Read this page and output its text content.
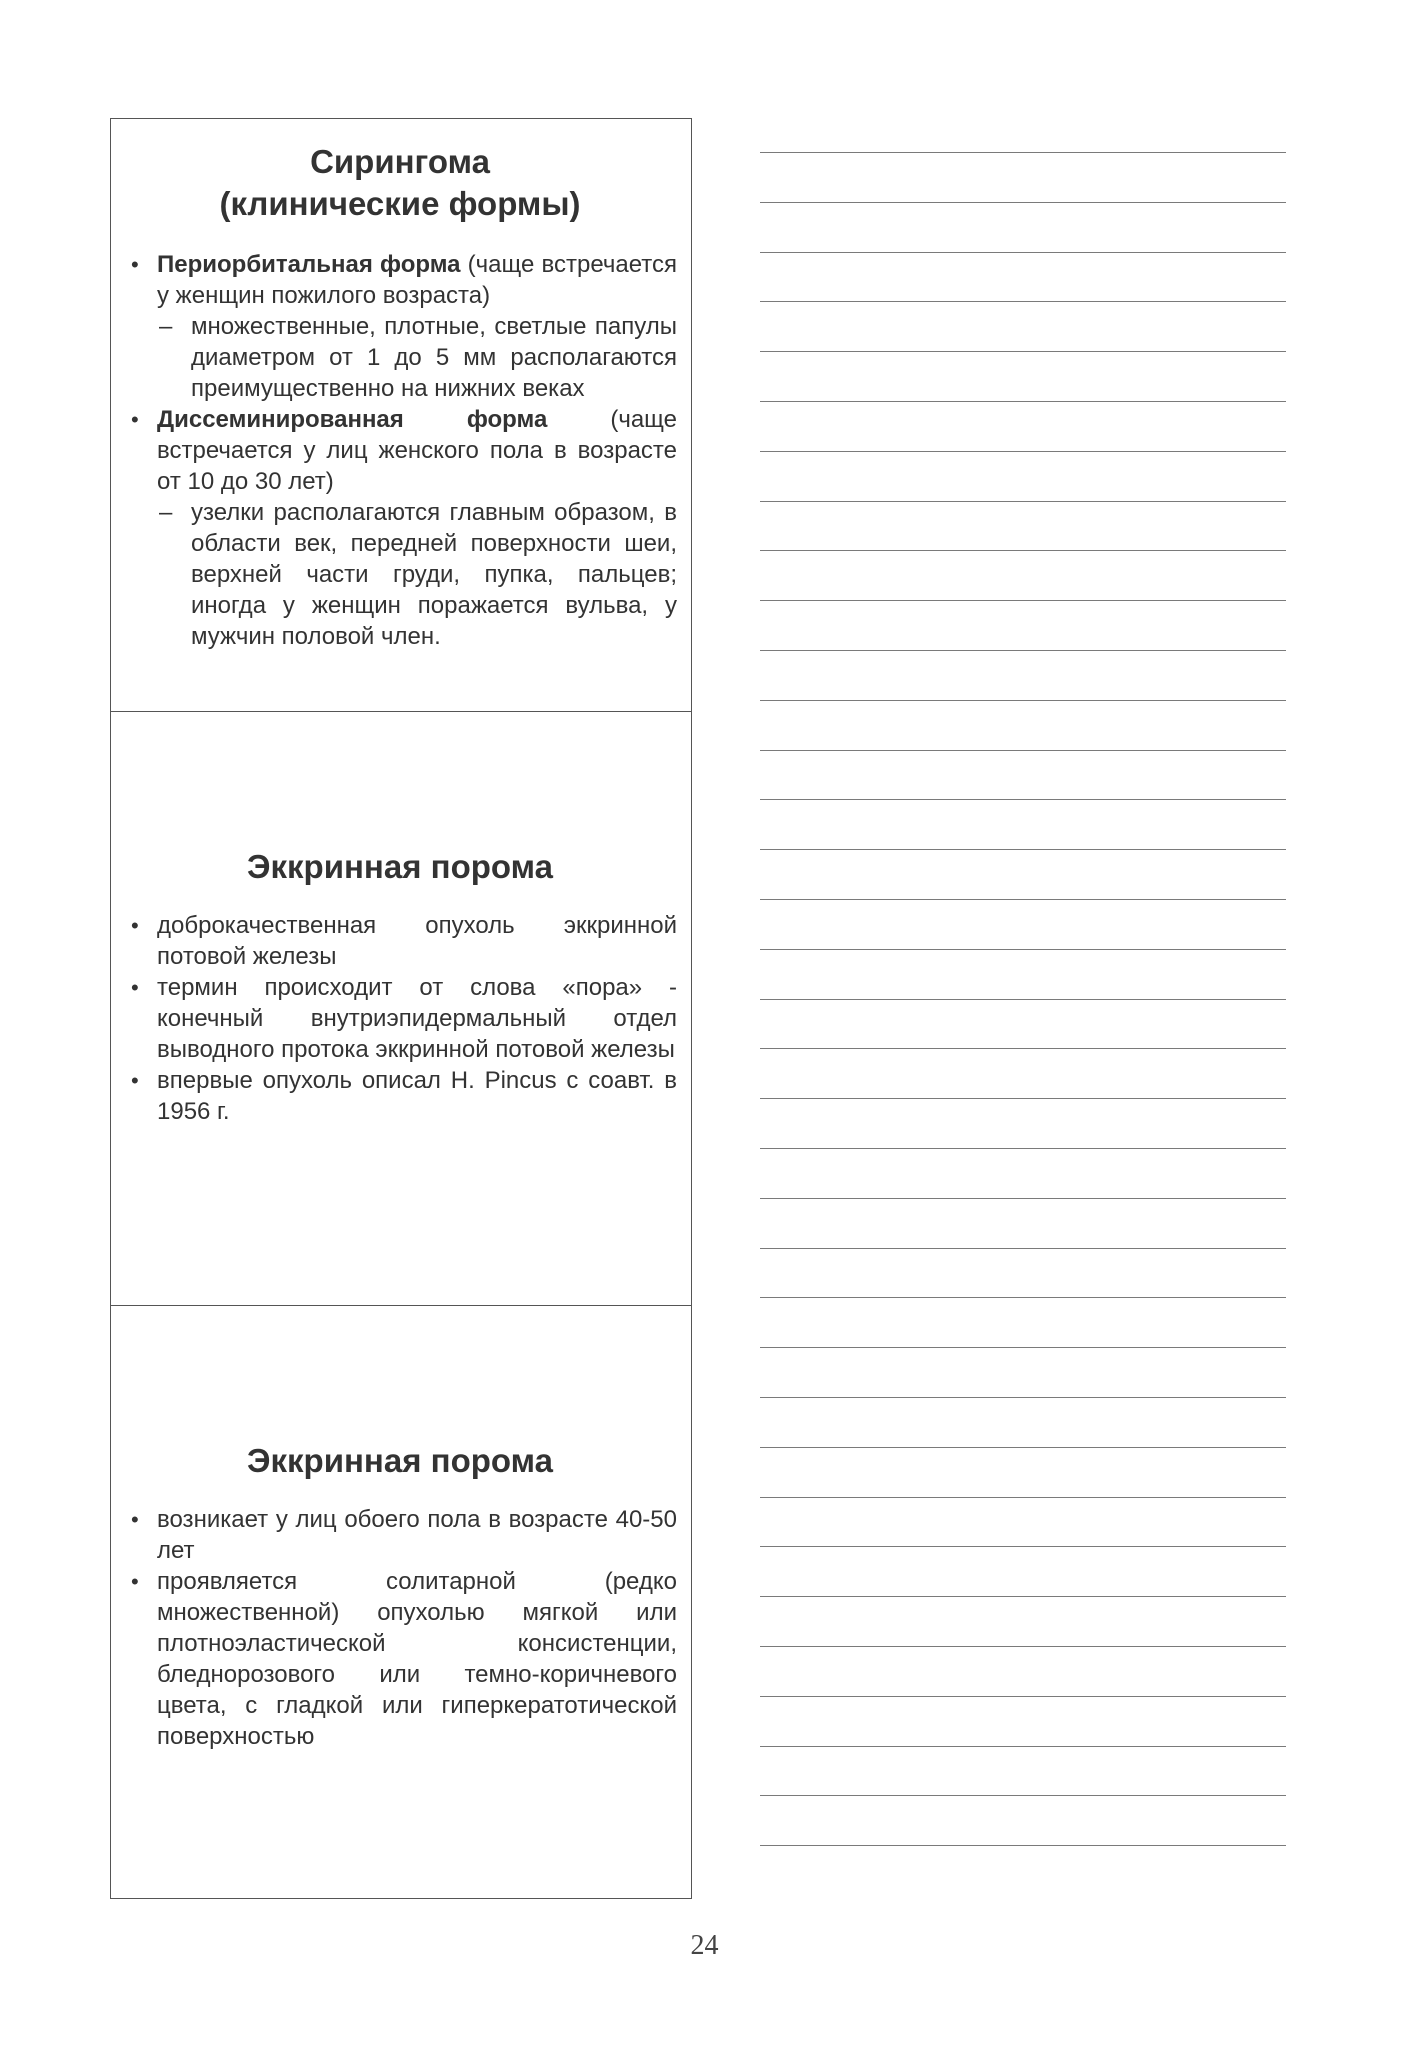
Сирингома
(клинические формы)
• Периорбитальная форма (чаще встречается у женщин пожилого возраста)
– множественные, плотные, светлые папулы диаметром от 1 до 5 мм располагаются преимущественно на нижних веках
• Диссеминированная форма (чаще встречается у лиц женского пола в возрасте от 10 до 30 лет)
– узелки располагаются главным образом, в области век, передней поверхности шеи, верхней части груди, пупка, пальцев; иногда у женщин поражается вульва, у мужчин половой член.
Эккринная порома
• доброкачественная опухоль эккринной потовой железы
• термин происходит от слова «пора» - конечный внутриэпидермальный отдел выводного протока эккринной потовой железы
• впервые опухоль описал H. Pincus с соавт. в 1956 г.
Эккринная порома
• возникает у лиц обоего пола в возрасте 40-50 лет
• проявляется солитарной (редко множественной) опухолью мягкой или плотноэластической консистенции, бледнорозового или темно-коричневого цвета, с гладкой или гиперкератотической поверхностью
24
